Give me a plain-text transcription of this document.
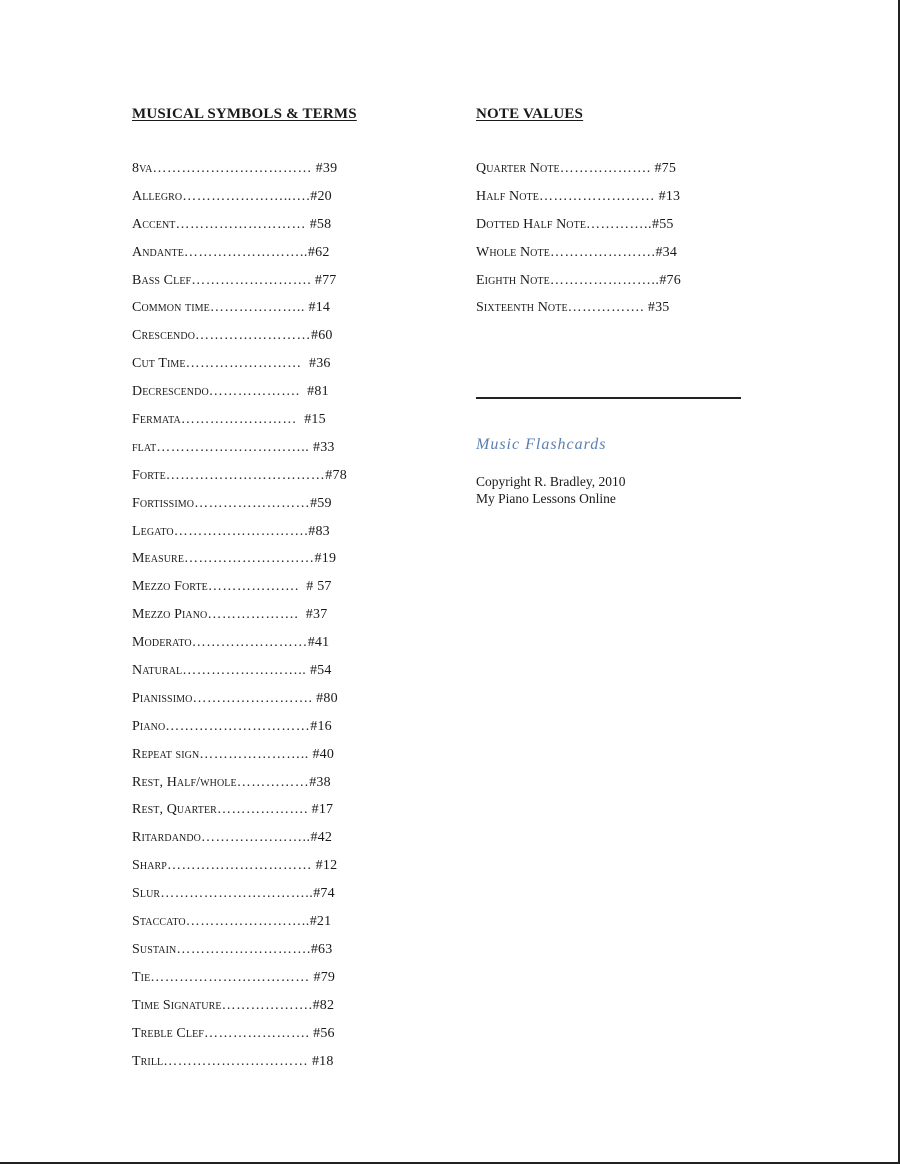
MUSICAL SYMBOLS & TERMS
8va…………………………… #39
Allegro…………………..….#20
Accent……………………… #58
Andante……………………..#62
Bass Clef……………………. #77
Common time……………….. #14
Crescendo……………………#60
Cut Time……………………  #36
Decrescendo……………….  #81
Fermata……………………  #15
flat………………………….. #33
Forte……………………………#78
Fortissimo……………………#59
Legato……………………….#83
Measure………………………#19
Mezzo Forte……………….  # 57
Mezzo Piano……………….  #37
Moderato……………………#41
Natural…………………….. #54
Pianissimo……………………. #80
Piano…………………………#16
Repeat sign………………….. #40
Rest, Half/whole……………#38
Rest, Quarter………………. #17
Ritardando…………………..#42
Sharp………………………… #12
Slur…………………………..#74
Staccato……………………..#21
Sustain……………………….#63
Tie…………………………… #79
Time Signature……………….#82
Treble Clef…………………. #56
Trill………………………… #18
NOTE VALUES
Quarter Note………………. #75
Half Note…………………… #13
Dotted Half Note…………..#55
Whole Note………………….#34
Eighth Note…………………..#76
Sixteenth Note……………. #35
Music Flashcards
Copyright R. Bradley, 2010
My Piano Lessons Online
